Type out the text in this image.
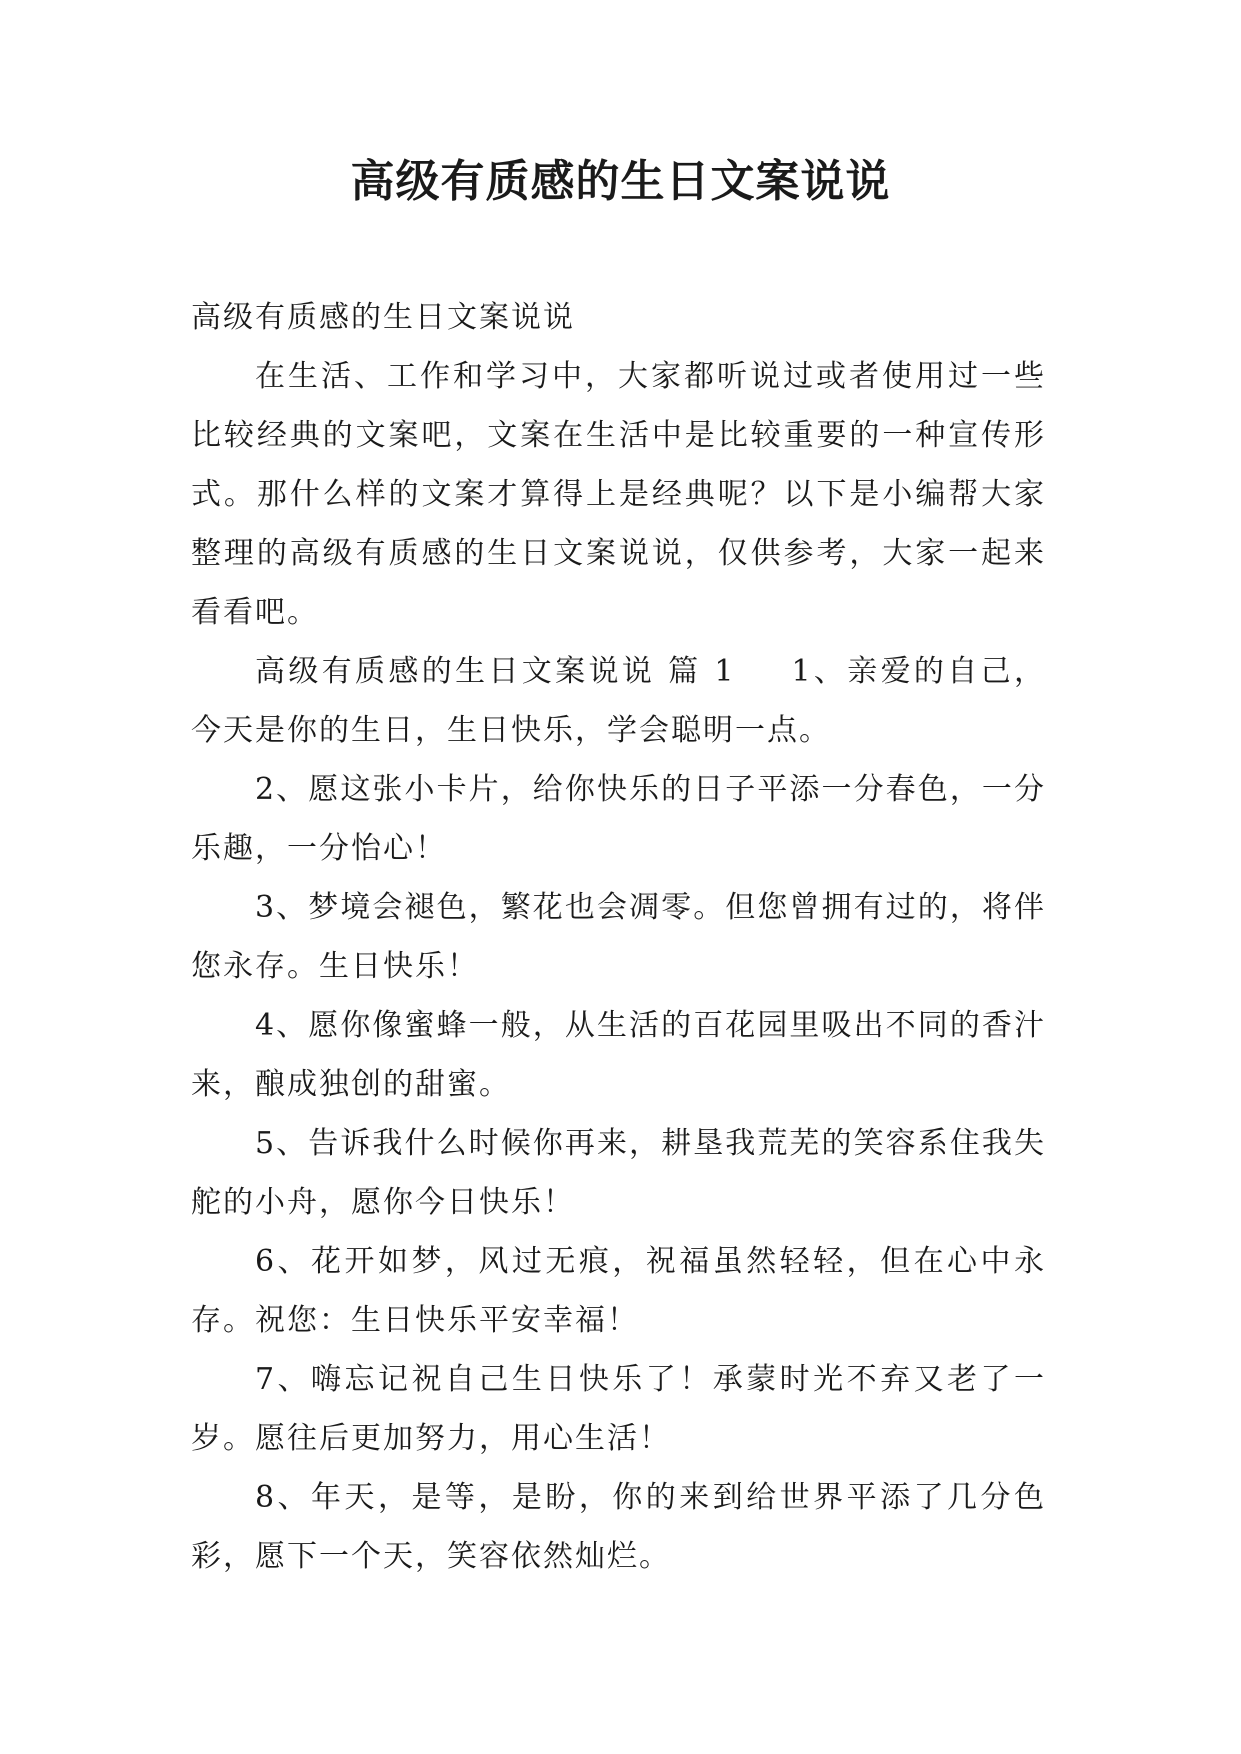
高级有质感的生日文案说说

高级有质感的生日文案说说

在生活、工作和学习中，大家都听说过或者使用过一些比较经典的文案吧，文案在生活中是比较重要的一种宣传形式。那什么样的文案才算得上是经典呢？以下是小编帮大家整理的高级有质感的生日文案说说，仅供参考，大家一起来看看吧。

高级有质感的生日文案说说 篇 1 1、亲爱的自己，今天是你的生日，生日快乐，学会聪明一点。

2、愿这张小卡片，给你快乐的日子平添一分春色，一分乐趣，一分怡心！

3、梦境会褪色，繁花也会凋零。但您曾拥有过的，将伴您永存。生日快乐！

4、愿你像蜜蜂一般，从生活的百花园里吸出不同的香汁来，酿成独创的甜蜜。

5、告诉我什么时候你再来，耕垦我荒芜的笑容系住我失舵的小舟，愿你今日快乐！

6、花开如梦，风过无痕，祝福虽然轻轻，但在心中永存。祝您：生日快乐平安幸福！

7、嗨忘记祝自己生日快乐了！承蒙时光不弃又老了一岁。愿往后更加努力，用心生活！

8、年天，是等，是盼，你的来到给世界平添了几分色彩，愿下一个天，笑容依然灿烂。
